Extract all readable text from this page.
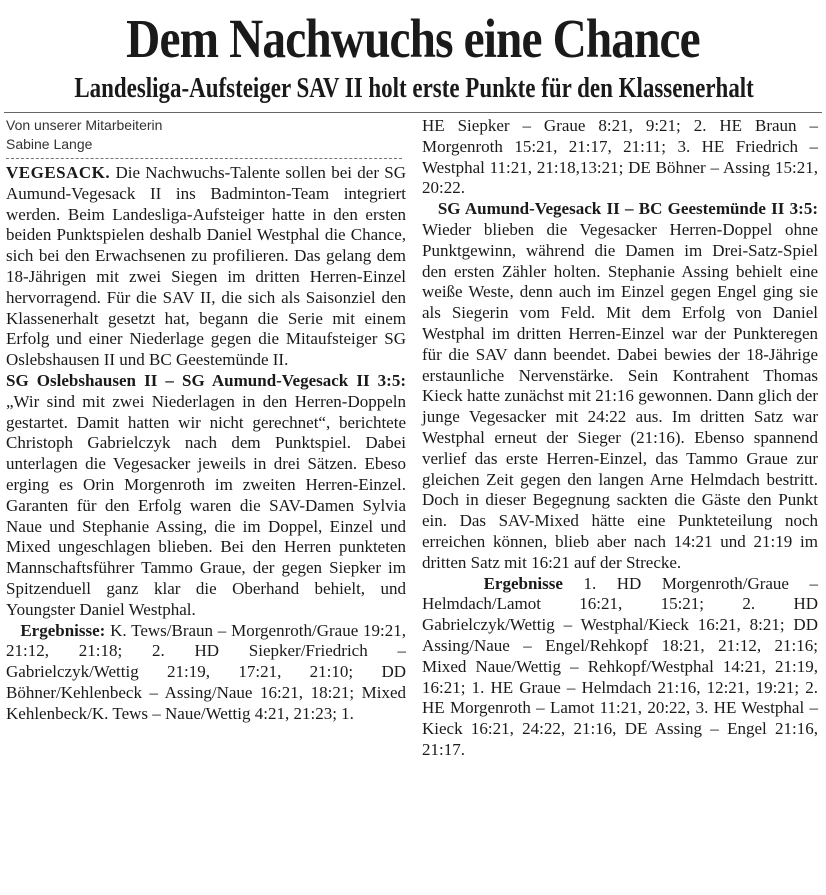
Dem Nachwuchs eine Chance
Landesliga-Aufsteiger SAV II holt erste Punkte für den Klassenerhalt
Von unserer Mitarbeiterin
Sabine Lange

VEGESACK. Die Nachwuchs-Talente sollen bei der SG Aumund-Vegesack II ins Badminton-Team integriert werden. Beim Landesliga-Aufsteiger hatte in den ersten beiden Punktspielen deshalb Daniel Westphal die Chance, sich bei den Erwachsenen zu profilieren. Das gelang dem 18-Jährigen mit zwei Siegen im dritten Herren-Einzel hervorragend. Für die SAV II, die sich als Saisonziel den Klassenerhalt gesetzt hat, begann die Serie mit einem Erfolg und einer Niederlage gegen die Mitaufsteiger SG Oslebshausen II und BC Geestemünde II.

SG Oslebshausen II – SG Aumund-Vegesack II 3:5: „Wir sind mit zwei Niederlagen in den Herren-Doppeln gestartet. Damit hatten wir nicht gerechnet“, berichtete Christoph Gabrielczyk nach dem Punktspiel. Dabei unterlagen die Vegesacker jeweils in drei Sätzen. Ebeso erging es Orin Morgenroth im zweiten Herren-Einzel. Garanten für den Erfolg waren die SAV-Damen Sylvia Naue und Stephanie Assing, die im Doppel, Einzel und Mixed ungeschlagen blieben. Bei den Herren punkteten Mannschaftsführer Tammo Graue, der gegen Siepker im Spitzenduell ganz klar die Oberhand behielt, und Youngster Daniel Westphal.

Ergebnisse: K. Tews/Braun – Morgenroth/Graue 19:21, 21:12, 21:18; 2. HD Siepker/Friedrich – Gabrielczyk/Wettig 21:19, 17:21, 21:10; DD Böhner/Kehlenbeck – Assing/Naue 16:21, 18:21; Mixed Kehlenbeck/K. Tews – Naue/Wettig 4:21, 21:23; 1.

HE Siepker – Graue 8:21, 9:21; 2. HE Braun – Morgenroth 15:21, 21:17, 21:11; 3. HE Friedrich – Westphal 11:21, 21:18,13:21; DE Böhner – Assing 15:21, 20:22.

SG Aumund-Vegesack II – BC Geestemünde II 3:5: Wieder blieben die Vegesacker Herren-Doppel ohne Punktgewinn, während die Damen im Drei-Satz-Spiel den ersten Zähler holten. Stephanie Assing behielt eine weiße Weste, denn auch im Einzel gegen Engel ging sie als Siegerin vom Feld. Mit dem Erfolg von Daniel Westphal im dritten Herren-Einzel war der Punkteregen für die SAV dann beendet. Dabei bewies der 18-Jährige erstaunliche Nervenstärke. Sein Kontrahent Thomas Kieck hatte zunächst mit 21:16 gewonnen. Dann glich der junge Vegesacker mit 24:22 aus. Im dritten Satz war Westphal erneut der Sieger (21:16). Ebenso spannend verlief das erste Herren-Einzel, das Tammo Graue zur gleichen Zeit gegen den langen Arne Helmdach bestritt. Doch in dieser Begegnung sackten die Gäste den Punkt ein. Das SAV-Mixed hätte eine Punkteteilung noch erreichen können, blieb aber nach 14:21 und 21:19 im dritten Satz mit 16:21 auf der Strecke.

Ergebnisse 1. HD Morgenroth/Graue – Helmdach/Lamot 16:21, 15:21; 2. HD Gabrielczyk/Wettig – Westphal/Kieck 16:21, 8:21; DD Assing/Naue – Engel/Rehkopf 18:21, 21:12, 21:16; Mixed Naue/Wettig – Rehkopf/Westphal 14:21, 21:19, 16:21; 1. HE Graue – Helmdach 21:16, 12:21, 19:21; 2. HE Morgenroth – Lamot 11:21, 20:22, 3. HE Westphal – Kieck 16:21, 24:22, 21:16, DE Assing – Engel 21:16, 21:17.
